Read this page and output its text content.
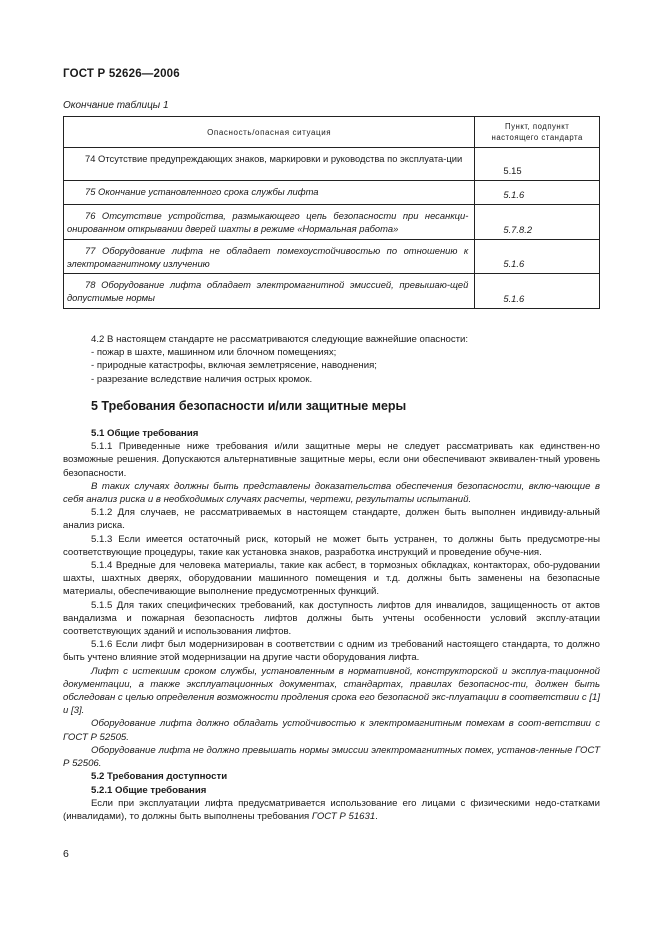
ГОСТ Р 52626—2006
Окончание таблицы 1
Опасность/опасная ситуация	Пункт, подпункт
настоящего стандарта
74 Отсутствие предупреждающих знаков, маркировки и руководства по эксплуата-ции	5.15
75 Окончание установленного срока службы лифта	5.1.6
76 Отсутствие устройства, размыкающего цепь безопасности при несанкци-онированном открывании дверей шахты в режиме «Нормальная работа»	5.7.8.2
77 Оборудование лифта не обладает помехоустойчивостью по отношению к электромагнитному излучению	5.1.6
78 Оборудование лифта обладает электромагнитной эмиссией, превышаю-щей допустимые нормы	5.1.6

4.2 В настоящем стандарте не рассматриваются следующие важнейшие опасности:

- пожар в шахте, машинном или блочном помещениях;

- природные катастрофы, включая землетрясение, наводнения;

- разрезание вследствие наличия острых кромок.

5 Требования безопасности и/или защитные меры

5.1 Общие требования

5.1.1 Приведенные ниже требования и/или защитные меры не следует рассматривать как единствен-но возможные решения. Допускаются альтернативные защитные меры, если они обеспечивают эквивален-тный уровень безопасности.

В таких случаях должны быть представлены доказательства обеспечения безопасности, вклю-чающие в себя анализ риска и в необходимых случаях расчеты, чертежи, результаты испытаний.

5.1.2 Для случаев, не рассматриваемых в настоящем стандарте, должен быть выполнен индивиду-альный анализ риска.

5.1.3 Если имеется остаточный риск, который не может быть устранен, то должны быть предусмотре-ны соответствующие процедуры, такие как установка знаков, разработка инструкций и проведение обуче-ния.

5.1.4 Вредные для человека материалы, такие как асбест, в тормозных обкладках, контакторах, обо-рудовании шахты, шахтных дверях, оборудовании машинного помещения и т.д. должны быть заменены на безопасные материалы, обеспечивающие выполнение предусмотренных функций.

5.1.5 Для таких специфических требований, как доступность лифтов для инвалидов, защищенность от актов вандализма и пожарная безопасность лифтов должны быть учтены особенности условий эксплу-атации соответствующих зданий и использования лифтов.

5.1.6 Если лифт был модернизирован в соответствии с одним из требований настоящего стандарта, то должно быть учтено влияние этой модернизации на другие части оборудования лифта.

Лифт с истекшим сроком службы, установленным в нормативной, конструкторской и эксплуа-тационной документации, а также эксплуатационных документах, стандартах, правилах безопаснос-ти, должен быть обследован с целью определения возможности продления срока его безопасной экс-плуатации в соответствии с [1] и [3].

Оборудование лифта должно обладать устойчивостью к электромагнитным помехам в соот-ветствии с ГОСТ Р 52505.

Оборудование лифта не должно превышать нормы эмиссии электромагнитных помех, установ-ленные ГОСТ Р 52506.

5.2 Требования доступности

5.2.1 Общие требования

Если при эксплуатации лифта предусматривается использование его лицами с физическими недо-статками (инвалидами), то должны быть выполнены требования ГОСТ Р 51631.

6
